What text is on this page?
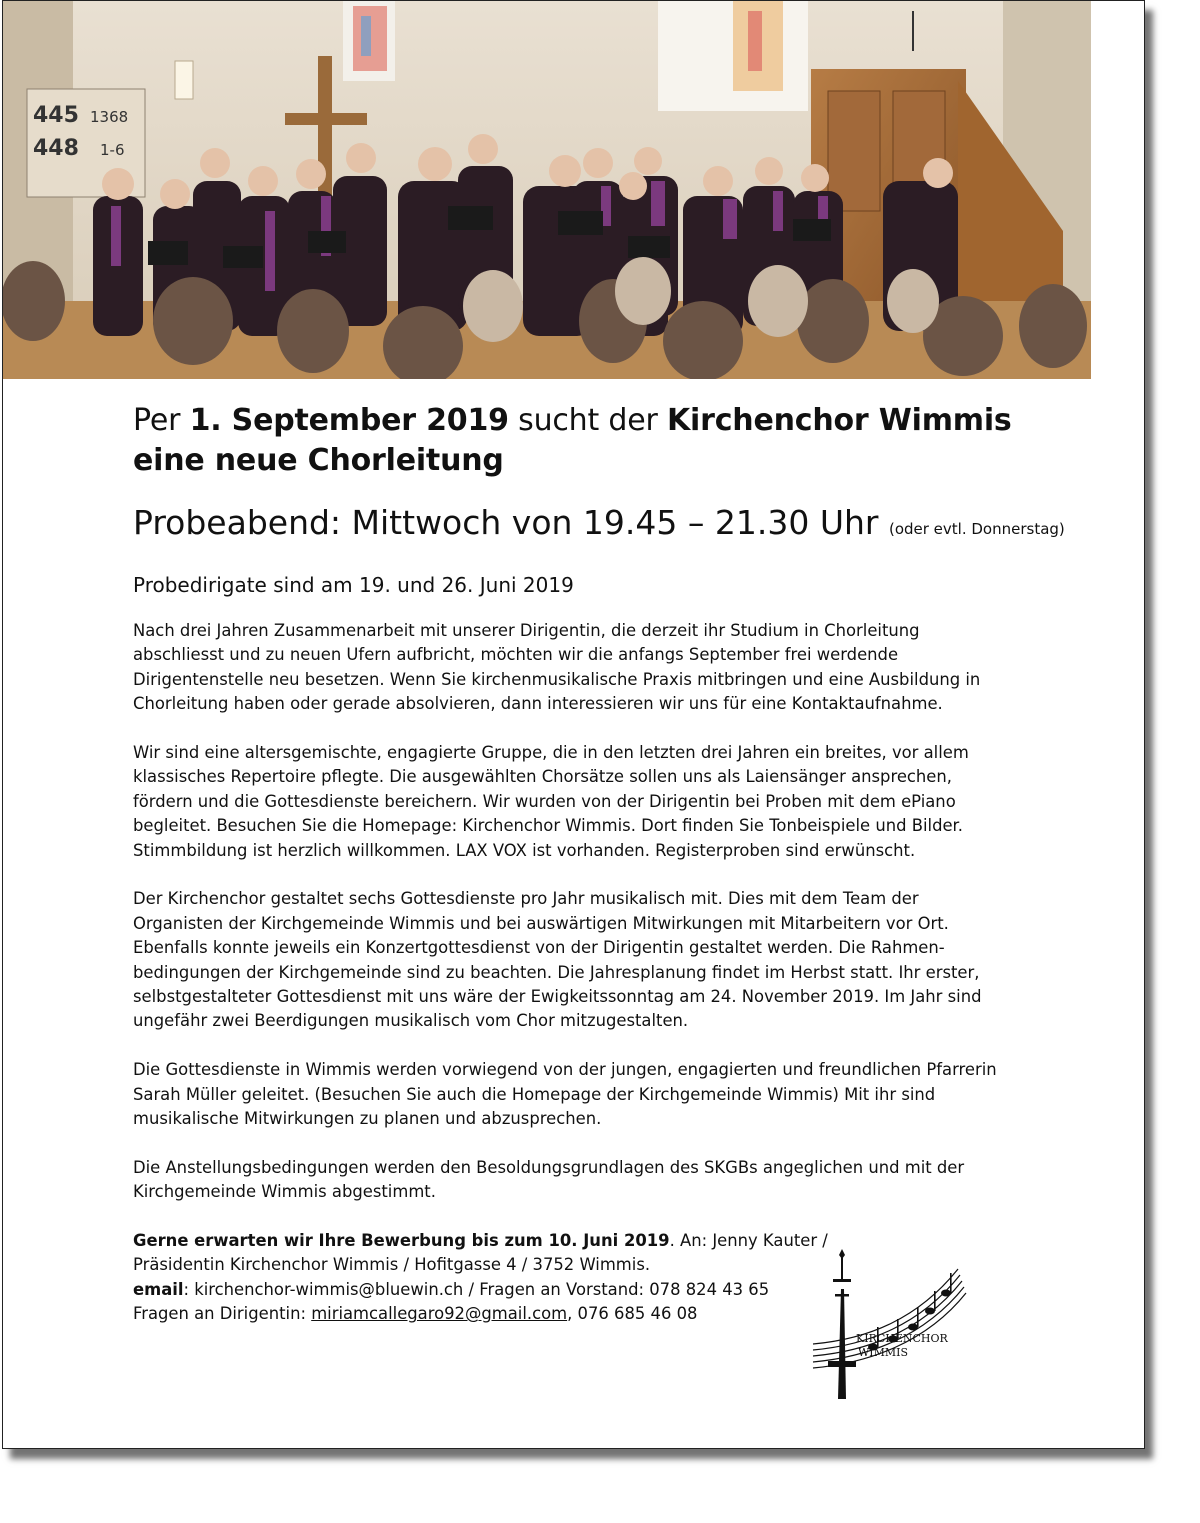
445 1368
448 1-6
Per 1. September 2019 sucht der Kirchenchor Wimmis eine neue Chorleitung
Probeabend: Mittwoch von 19.45 – 21.30 Uhr (oder evtl. Donnerstag)
Probedirigate sind am 19. und 26. Juni 2019

Nach drei Jahren Zusammenarbeit mit unserer Dirigentin, die derzeit ihr Studium in Chorleitung abschliesst und zu neuen Ufern aufbricht, möchten wir die anfangs September frei werdende Dirigentenstelle neu besetzen. Wenn Sie kirchenmusikalische Praxis mitbringen und eine Ausbildung in Chorleitung haben oder gerade absolvieren, dann interessieren wir uns für eine Kontaktaufnahme.

Wir sind eine altersgemischte, engagierte Gruppe, die in den letzten drei Jahren ein breites, vor allem klassisches Repertoire pflegte. Die ausgewählten Chorsätze sollen uns als Laiensänger ansprechen, fördern und die Gottesdienste bereichern. Wir wurden von der Dirigentin bei Proben mit dem ePiano begleitet. Besuchen Sie die Homepage: Kirchenchor Wimmis. Dort finden Sie Tonbeispiele und Bilder. Stimmbildung ist herzlich willkommen. LAX VOX ist vorhanden. Registerproben sind erwünscht.

Der Kirchenchor gestaltet sechs Gottesdienste pro Jahr musikalisch mit. Dies mit dem Team der Organisten der Kirchgemeinde Wimmis und bei auswärtigen Mitwirkungen mit Mitarbeitern vor Ort. Ebenfalls konnte jeweils ein Konzertgottesdienst von der Dirigentin gestaltet werden. Die Rahmen-bedingungen der Kirchgemeinde sind zu beachten. Die Jahresplanung findet im Herbst statt. Ihr erster, selbstgestalteter Gottesdienst mit uns wäre der Ewigkeitssonntag am 24. November 2019. Im Jahr sind ungefähr zwei Beerdigungen musikalisch vom Chor mitzugestalten.

Die Gottesdienste in Wimmis werden vorwiegend von der jungen, engagierten und freundlichen Pfarrerin Sarah Müller geleitet. (Besuchen Sie auch die Homepage der Kirchgemeinde Wimmis) Mit ihr sind musikalische Mitwirkungen zu planen und abzusprechen.

Die Anstellungsbedingungen werden den Besoldungsgrundlagen des SKGBs angeglichen und mit der Kirchgemeinde Wimmis abgestimmt.

Gerne erwarten wir Ihre Bewerbung bis zum 10. Juni 2019. An: Jenny Kauter /

Präsidentin Kirchenchor Wimmis / Hofitgasse 4 / 3752 Wimmis.

email: kirchenchor-wimmis@bluewin.ch / Fragen an Vorstand: 078 824 43 65

Fragen an Dirigentin: miriamcallegaro92@gmail.com, 076 685 46 08

KIRCHENCHOR
WIMMIS
